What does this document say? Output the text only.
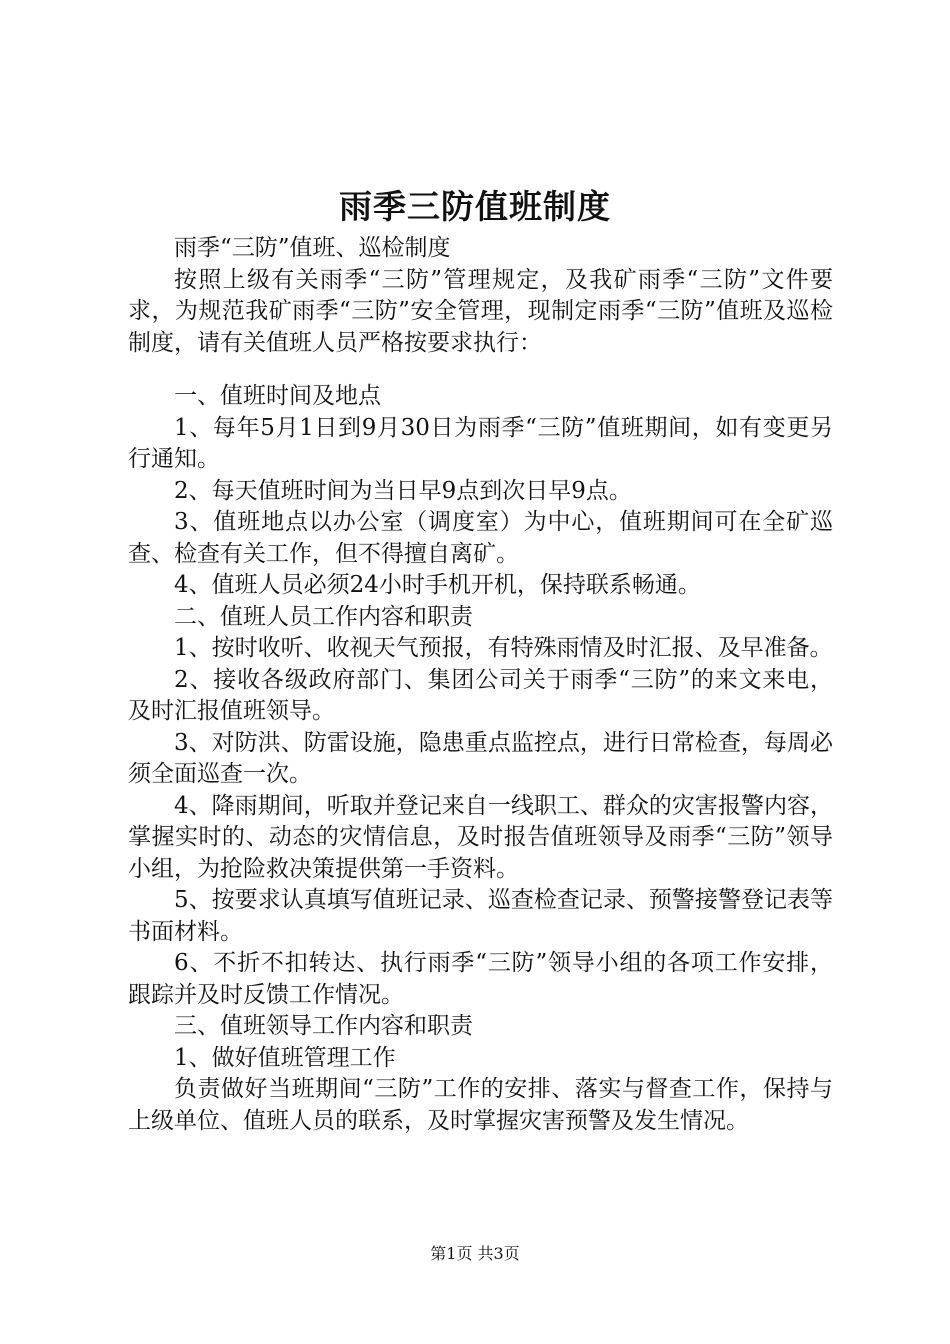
雨季三防值班制度

雨季“三防”值班、巡检制度

按照上级有关雨季“三防”管理规定，及我矿雨季“三防”文件要求，为规范我矿雨季“三防”安全管理，现制定雨季“三防”值班及巡检制度，请有关值班人员严格按要求执行：

一、值班时间及地点

1、每年5月1日到9月30日为雨季“三防”值班期间，如有变更另行通知。

2、每天值班时间为当日早9点到次日早9点。

3、值班地点以办公室（调度室）为中心，值班期间可在全矿巡查、检查有关工作，但不得擅自离矿。

4、值班人员必须24小时手机开机，保持联系畅通。

二、值班人员工作内容和职责

1、按时收听、收视天气预报，有特殊雨情及时汇报、及早准备。

2、接收各级政府部门、集团公司关于雨季“三防”的来文来电，及时汇报值班领导。

3、对防洪、防雷设施，隐患重点监控点，进行日常检查，每周必须全面巡查一次。

4、降雨期间，听取并登记来自一线职工、群众的灾害报警内容，掌握实时的、动态的灾情信息，及时报告值班领导及雨季“三防”领导小组，为抢险救决策提供第一手资料。

5、按要求认真填写值班记录、巡查检查记录、预警接警登记表等书面材料。

6、不折不扣转达、执行雨季“三防”领导小组的各项工作安排，跟踪并及时反馈工作情况。

三、值班领导工作内容和职责

1、做好值班管理工作

负责做好当班期间“三防”工作的安排、落实与督查工作，保持与上级单位、值班人员的联系，及时掌握灾害预警及发生情况。

第1页 共3页
